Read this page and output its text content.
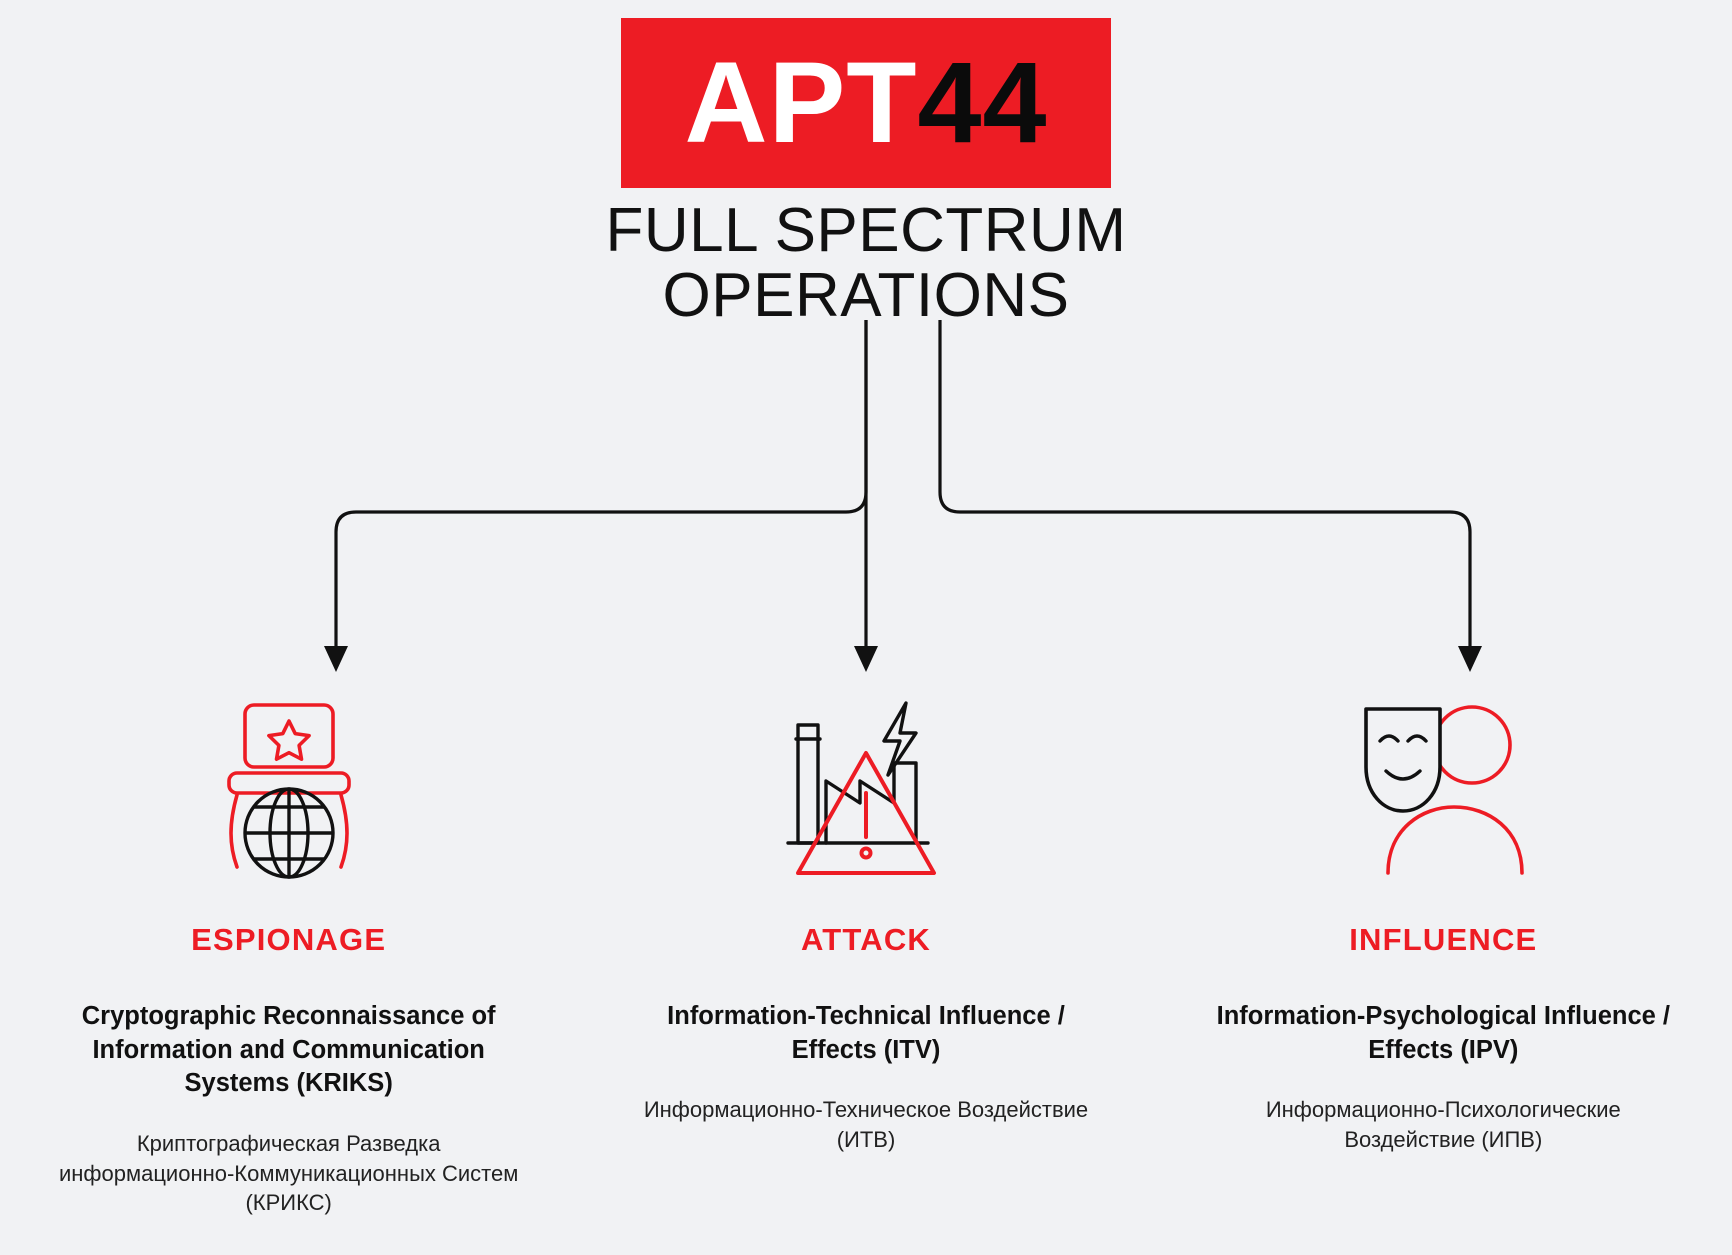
APT 44
FULL SPECTRUM
OPERATIONS
ESPIONAGE
Cryptographic Reconnaissance of Information and Communication Systems (KRIKS)
Криптографическая Разведка информационно-Коммуникационных Систем (КРИКС)
ATTACK
Information-Technical Influence / Effects (ITV)
Информационно-Техническое Воздействие (ИТВ)
INFLUENCE
Information-Psychological Influence / Effects (IPV)
Информационно-Психологические Воздействие (ИПВ)
